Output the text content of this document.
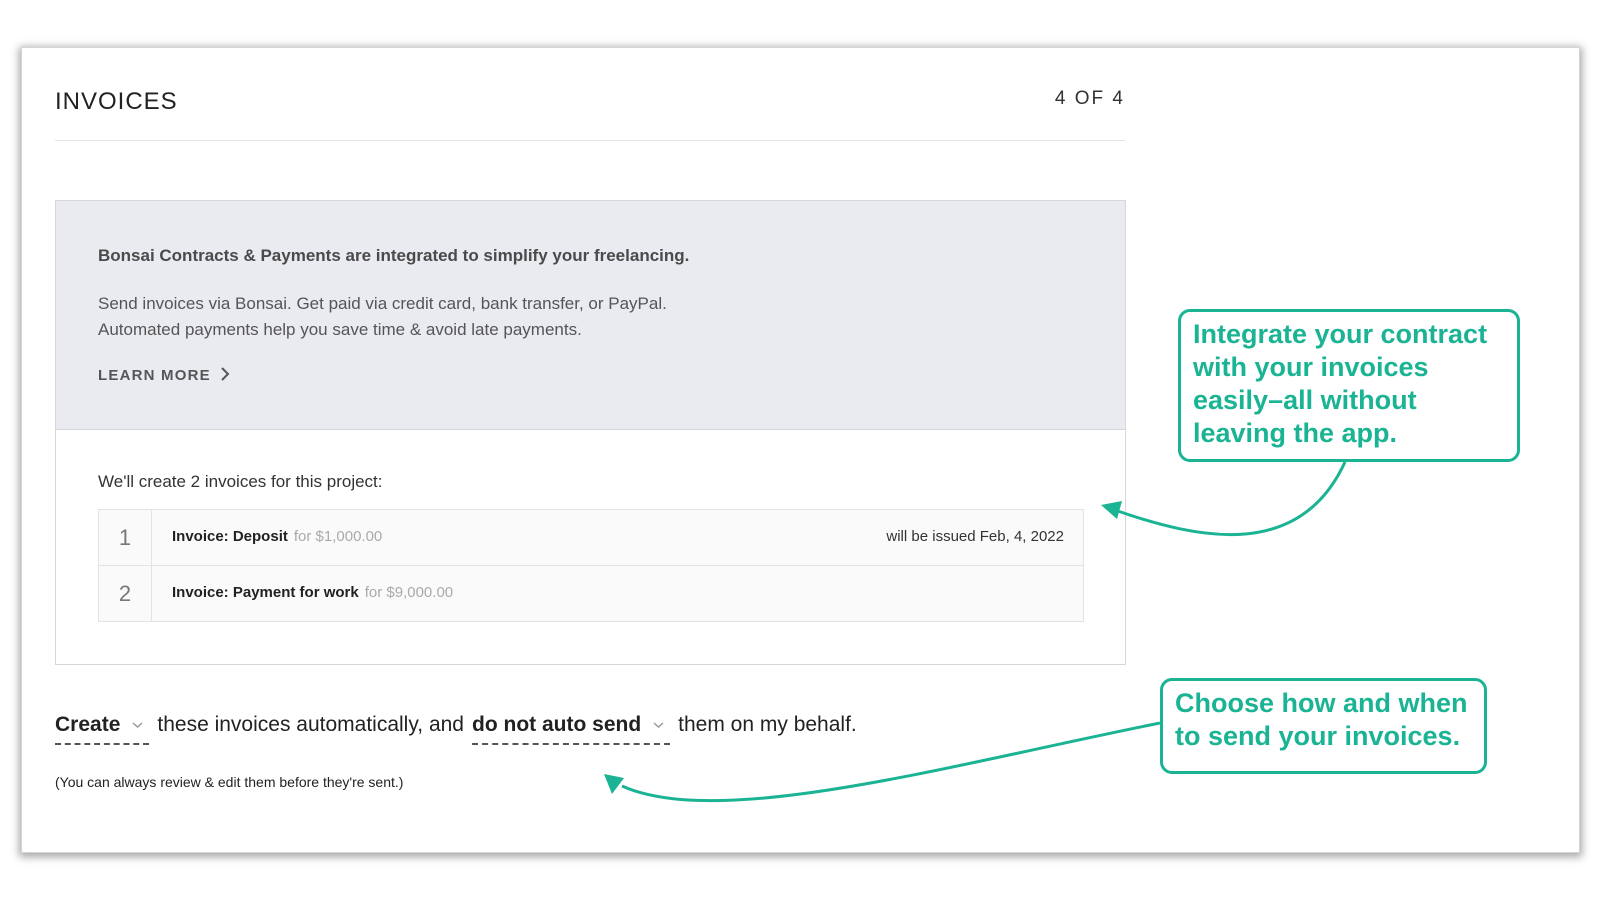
INVOICES	4 OF 4
Bonsai Contracts & Payments are integrated to simplify your freelancing.
Send invoices via Bonsai. Get paid via credit card, bank transfer, or PayPal.
Automated payments help you save time & avoid late payments.
LEARN MORE
We'll create 2 invoices for this project:
1	Invoice: Deposit for $1,000.00	will be issued Feb, 4, 2022
2	Invoice: Payment for work for $9,000.00
Create these invoices automatically, and do not auto send them on my behalf.
(You can always review & edit them before they're sent.)
Integrate your contract
with your invoices
easily–all without
leaving the app.
Choose how and when
to send your invoices.
